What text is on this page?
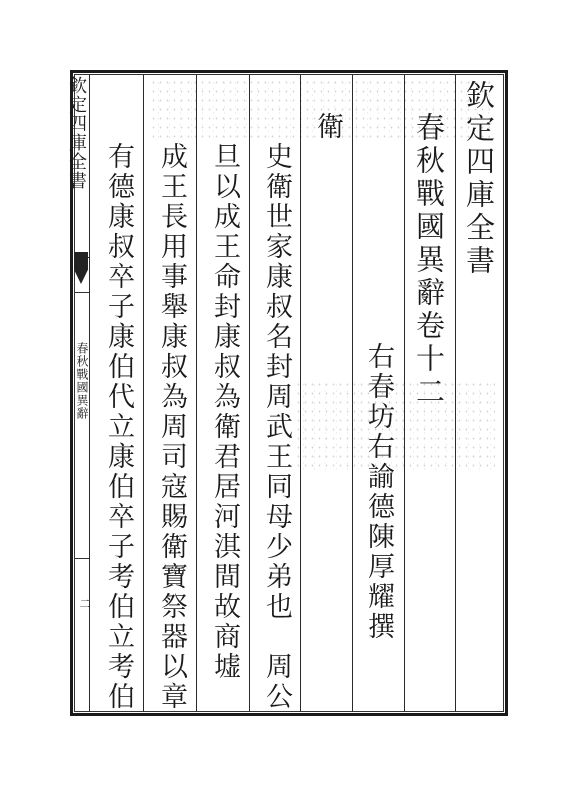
欽定四庫全書
春秋戰國異辭
二
欽定四庫全書
春秋戰國異辭卷十二
右春坊右諭德陳厚耀撰
衛
史衛世家康叔名封周武王同母少弟也　周公
旦以成王命封康叔為衛君居河淇間故商墟
成王長用事舉康叔為周司寇賜衛寶祭器以章
有德康叔卒子康伯代立康伯卒子考伯立考伯
